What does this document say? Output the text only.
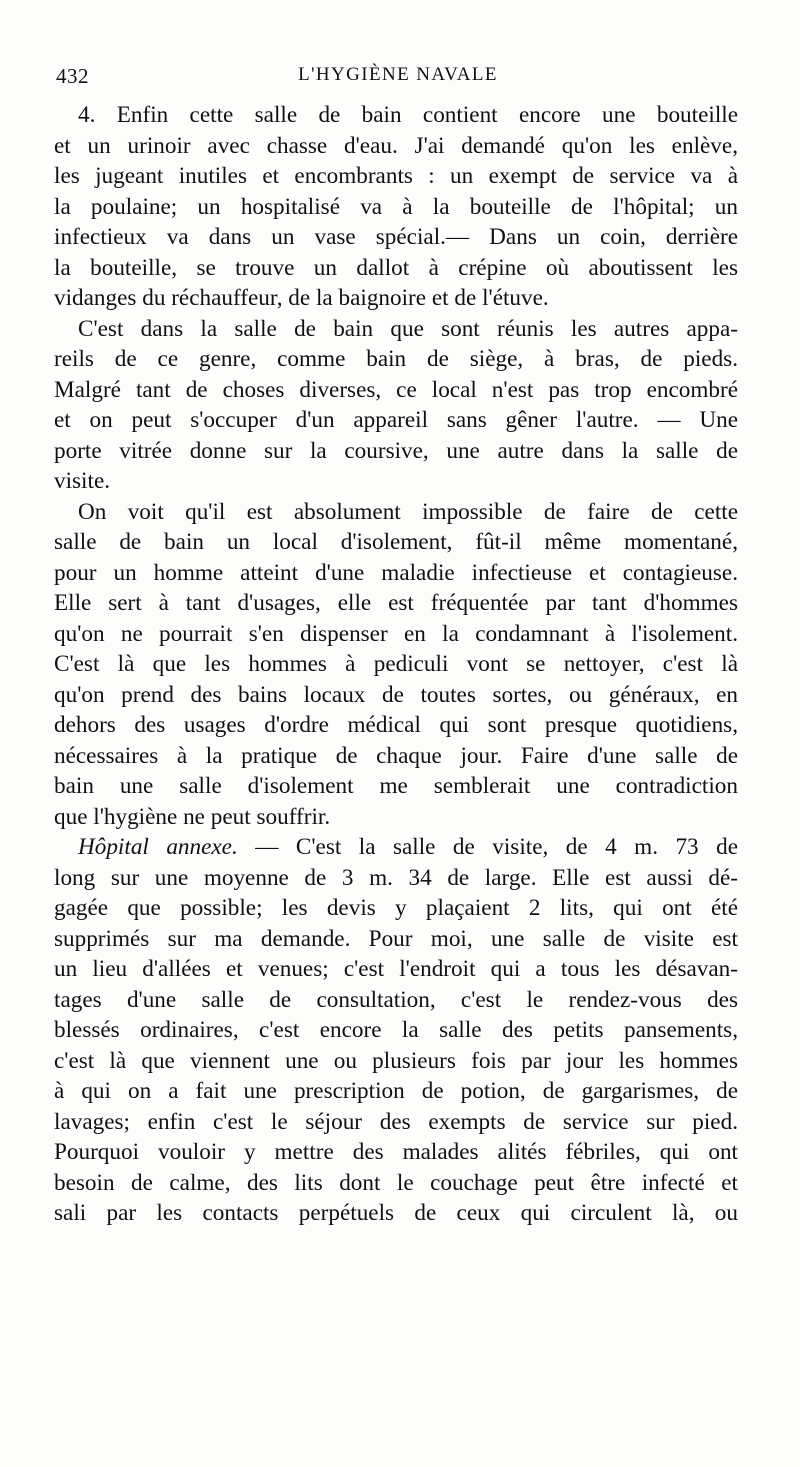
432	L'HYGIÈNE NAVALE
4. Enfin cette salle de bain contient encore une bouteille
et un urinoir avec chasse d'eau. J'ai demandé qu'on les enlève,
les jugeant inutiles et encombrants : un exempt de service va à
la poulaine; un hospitalisé va à la bouteille de l'hôpital; un
infectieux va dans un vase spécial.— Dans un coin, derrière
la bouteille, se trouve un dallot à crépine où aboutissent les
vidanges du réchauffeur, de la baignoire et de l'étuve.
C'est dans la salle de bain que sont réunis les autres appa-
reils de ce genre, comme bain de siège, à bras, de pieds.
Malgré tant de choses diverses, ce local n'est pas trop encombré
et on peut s'occuper d'un appareil sans gêner l'autre. — Une
porte vitrée donne sur la coursive, une autre dans la salle de
visite.
On voit qu'il est absolument impossible de faire de cette
salle de bain un local d'isolement, fût-il même momentané,
pour un homme atteint d'une maladie infectieuse et contagieuse.
Elle sert à tant d'usages, elle est fréquentée par tant d'hommes
qu'on ne pourrait s'en dispenser en la condamnant à l'isolement.
C'est là que les hommes à pediculi vont se nettoyer, c'est là
qu'on prend des bains locaux de toutes sortes, ou généraux, en
dehors des usages d'ordre médical qui sont presque quotidiens,
nécessaires à la pratique de chaque jour. Faire d'une salle de
bain une salle d'isolement me semblerait une contradiction
que l'hygiène ne peut souffrir.
Hôpital annexe. — C'est la salle de visite, de 4 m. 73 de
long sur une moyenne de 3 m. 34 de large. Elle est aussi dé-
gagée que possible; les devis y plaçaient 2 lits, qui ont été
supprimés sur ma demande. Pour moi, une salle de visite est
un lieu d'allées et venues; c'est l'endroit qui a tous les désavan-
tages d'une salle de consultation, c'est le rendez-vous des
blessés ordinaires, c'est encore la salle des petits pansements,
c'est là que viennent une ou plusieurs fois par jour les hommes
à qui on a fait une prescription de potion, de gargarismes, de
lavages; enfin c'est le séjour des exempts de service sur pied.
Pourquoi vouloir y mettre des malades alités fébriles, qui ont
besoin de calme, des lits dont le couchage peut être infecté et
sali par les contacts perpétuels de ceux qui circulent là, ou
